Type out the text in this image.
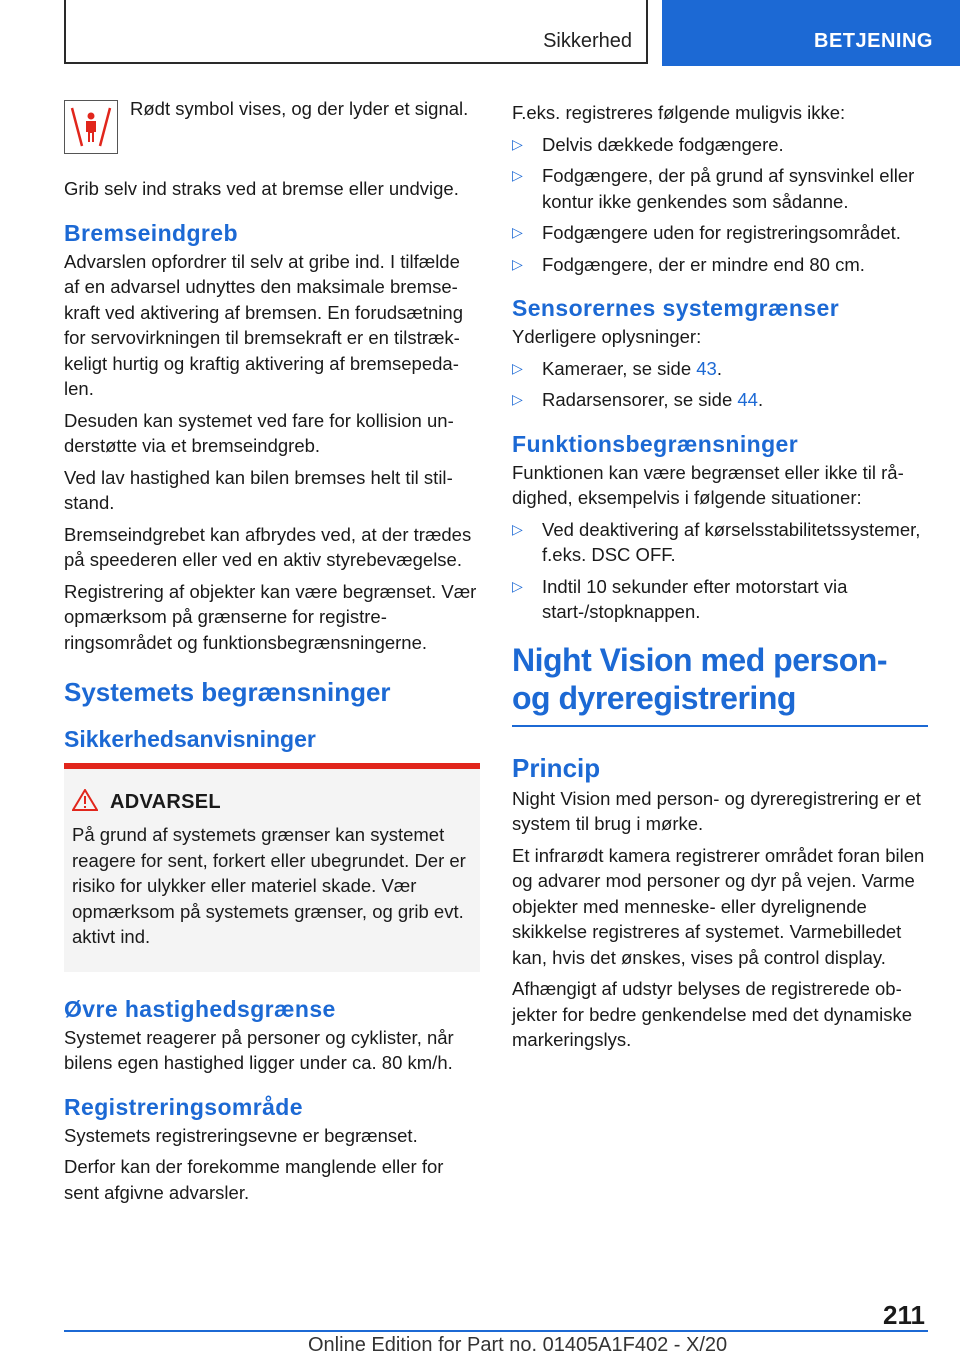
Sikkerhed	BETJENING

Rødt symbol vises, og der lyder et signal.

Grib selv ind straks ved at bremse eller undvige.

Bremseindgreb

Advarslen opfordrer til selv at gribe ind. I tilfælde af en advarsel udnyttes den maksimale bremsekraft ved aktivering af bremsen. En forudsætning for servovirkningen til bremsekraft er en tilstrækkeligt hurtig og kraftig aktivering af bremsepedalen.

Desuden kan systemet ved fare for kollision understøtte via et bremseindgreb.

Ved lav hastighed kan bilen bremses helt til stilstand.

Bremseindgrebet kan afbrydes ved, at der trædes på speederen eller ved en aktiv styrebevægelse.

Registrering af objekter kan være begrænset. Vær opmærksom på grænserne for registreringsområdet og funktionsbegrænsningerne.

Systemets begrænsninger
Sikkerhedsanvisninger
ADVARSEL

På grund af systemets grænser kan systemet reagere for sent, forkert eller ubegrundet. Der er risiko for ulykker eller materiel skade. Vær opmærksom på systemets grænser, og grib evt. aktivt ind.

Øvre hastighedsgrænse

Systemet reagerer på personer og cyklister, når bilens egen hastighed ligger under ca. 80 km/h.

Registreringsområde

Systemets registreringsevne er begrænset.

Derfor kan der forekomme manglende eller for sent afgivne advarsler.

F.eks. registreres følgende muligvis ikke:

▷ Delvis dækkede fodgængere.
▷ Fodgængere, der på grund af synsvinkel eller kontur ikke genkendes som sådanne.
▷ Fodgængere uden for registreringsområdet.
▷ Fodgængere, der er mindre end 80 cm.
Sensorernes systemgrænser

Yderligere oplysninger:

▷ Kameraer, se side 43.
▷ Radarsensorer, se side 44.
Funktionsbegrænsninger

Funktionen kan være begrænset eller ikke til rådighed, eksempelvis i følgende situationer:

▷ Ved deaktivering af kørselsstabilitetssystemer, f.eks. DSC OFF.
▷ Indtil 10 sekunder efter motorstart via start-/stopknappen.
Night Vision med person- og dyreregistrering
Princip

Night Vision med person- og dyreregistrering er et system til brug i mørke.

Et infrarødt kamera registrerer området foran bilen og advarer mod personer og dyr på vejen. Varme objekter med menneske- eller dyrelignende skikkelse registreres af systemet. Varmebilledet kan, hvis det ønskes, vises på control display.

Afhængigt af udstyr belyses de registrerede objekter for bedre genkendelse med det dynamiske markeringslys.

211
Online Edition for Part no. 01405A1F402 - X/20
